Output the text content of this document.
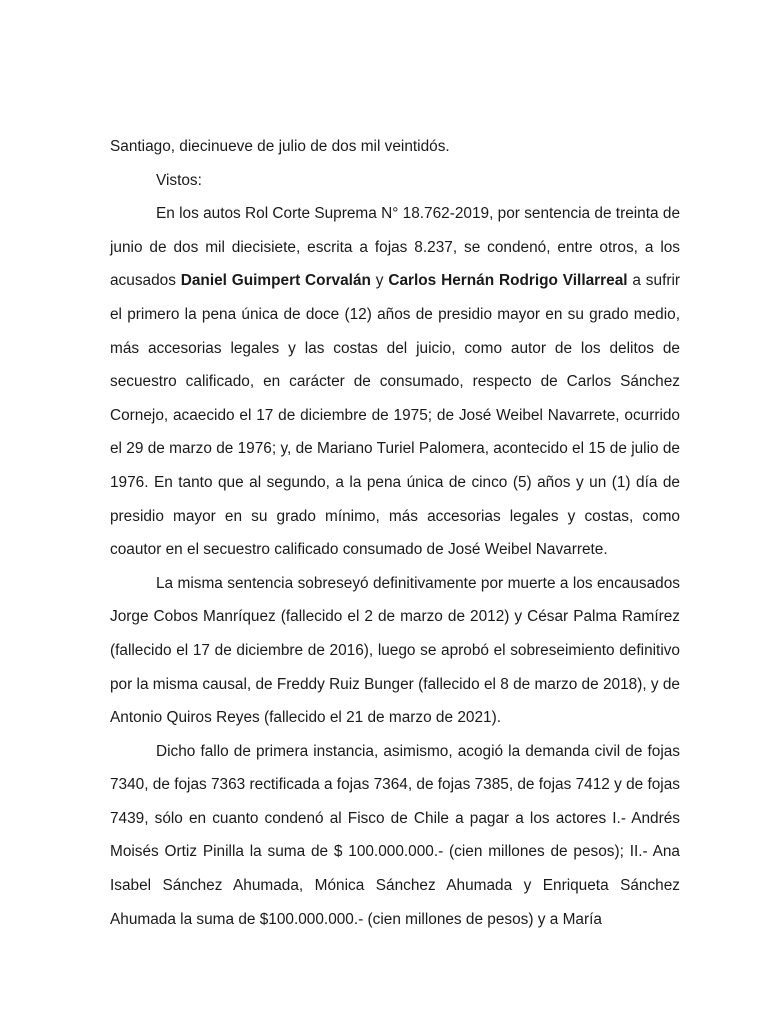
Santiago, diecinueve de julio de dos mil veintidós.

Vistos:

En los autos Rol Corte Suprema N° 18.762-2019, por sentencia de treinta de junio de dos mil diecisiete, escrita a fojas 8.237, se condenó, entre otros, a los acusados Daniel Guimpert Corvalán y Carlos Hernán Rodrigo Villarreal a sufrir el primero la pena única de doce (12) años de presidio mayor en su grado medio, más accesorias legales y las costas del juicio, como autor de los delitos de secuestro calificado, en carácter de consumado, respecto de Carlos Sánchez Cornejo, acaecido el 17 de diciembre de 1975; de José Weibel Navarrete, ocurrido el 29 de marzo de 1976; y, de Mariano Turiel Palomera, acontecido el 15 de julio de 1976. En tanto que al segundo, a la pena única de cinco (5) años y un (1) día de presidio mayor en su grado mínimo, más accesorias legales y costas, como coautor en el secuestro calificado consumado de José Weibel Navarrete.

La misma sentencia sobreseyó definitivamente por muerte a los encausados Jorge Cobos Manríquez (fallecido el 2 de marzo de 2012) y César Palma Ramírez (fallecido el 17 de diciembre de 2016), luego se aprobó el sobreseimiento definitivo por la misma causal, de Freddy Ruiz Bunger (fallecido el 8 de marzo de 2018), y de Antonio Quiros Reyes (fallecido el 21 de marzo de 2021).

Dicho fallo de primera instancia, asimismo, acogió la demanda civil de fojas 7340, de fojas 7363 rectificada a fojas 7364, de fojas 7385, de fojas 7412 y de fojas 7439, sólo en cuanto condenó al Fisco de Chile a pagar a los actores I.- Andrés Moisés Ortiz Pinilla la suma de $ 100.000.000.- (cien millones de pesos); II.- Ana Isabel Sánchez Ahumada, Mónica Sánchez Ahumada y Enriqueta Sánchez Ahumada la suma de $100.000.000.- (cien millones de pesos) y a María
